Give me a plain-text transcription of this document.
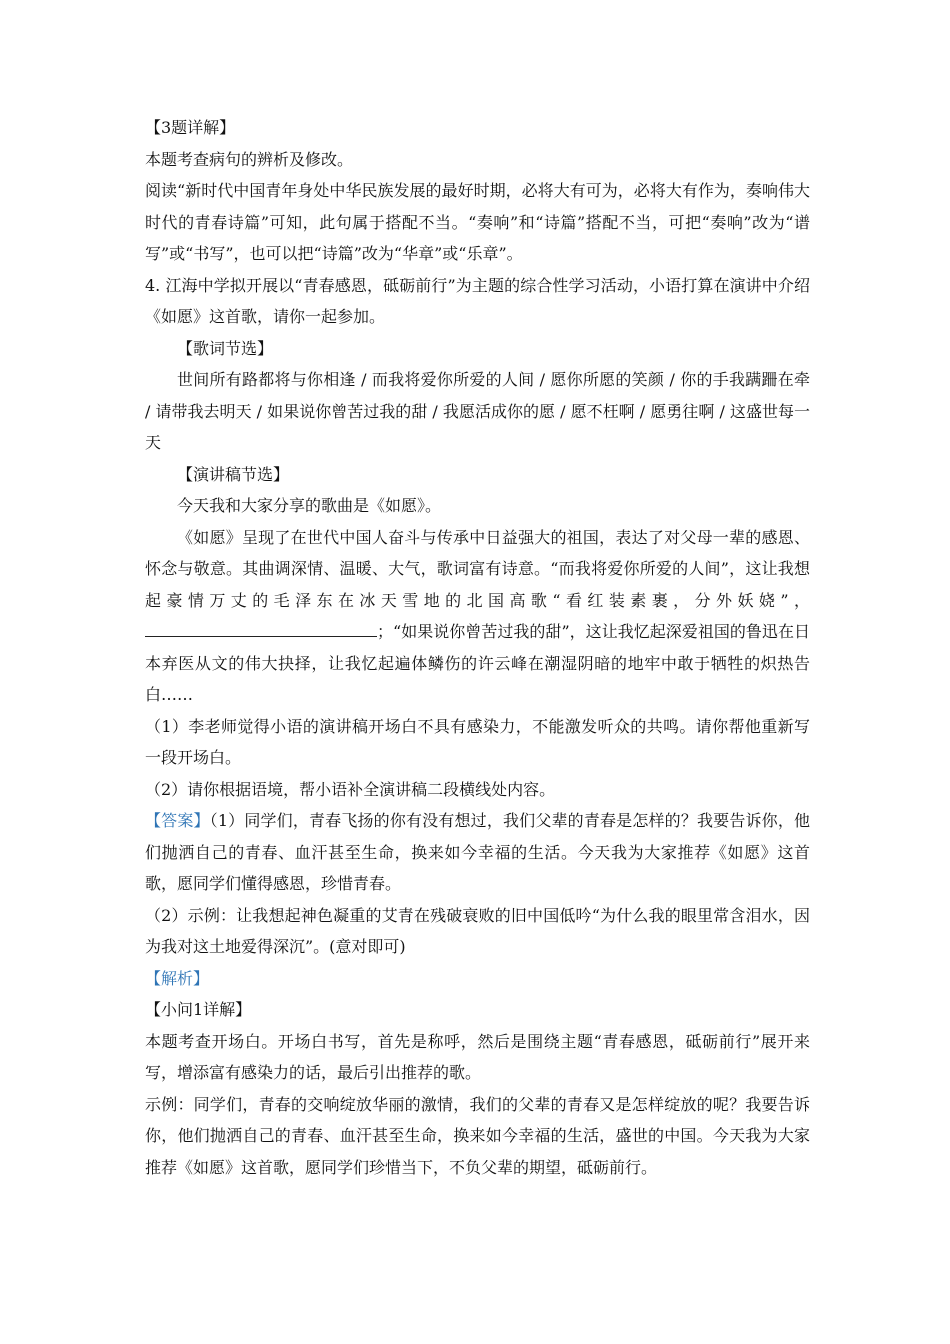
【3题详解】

本题考查病句的辨析及修改。

阅读“新时代中国青年身处中华民族发展的最好时期，必将大有可为，必将大有作为，奏响伟大时代的青春诗篇”可知，此句属于搭配不当。“奏响”和“诗篇”搭配不当，可把“奏响”改为“谱写”或“书写”，也可以把“诗篇”改为“华章”或“乐章”。

4. 江海中学拟开展以“青春感恩，砥砺前行”为主题的综合性学习活动，小语打算在演讲中介绍《如愿》这首歌，请你一起参加。

【歌词节选】

世间所有路都将与你相逢 / 而我将爱你所爱的人间 / 愿你所愿的笑颜 / 你的手我蹒跚在牵 / 请带我去明天 / 如果说你曾苦过我的甜 / 我愿活成你的愿 / 愿不枉啊 / 愿勇往啊 / 这盛世每一天

【演讲稿节选】

今天我和大家分享的歌曲是《如愿》。

《如愿》呈现了在世代中国人奋斗与传承中日益强大的祖国，表达了对父母一辈的感恩、怀念与敬意。其曲调深情、温暖、大气，歌词富有诗意。“而我将爱你所爱的人间”，这让我想起豪情万丈的毛泽东在冰天雪地的北国高歌“看红装素裹，分外妖娆”，；“如果说你曾苦过我的甜”，这让我忆起深爱祖国的鲁迅在日本弃医从文的伟大抉择，让我忆起遍体鳞伤的许云峰在潮湿阴暗的地牢中敢于牺牲的炽热告白……

（1）李老师觉得小语的演讲稿开场白不具有感染力，不能激发听众的共鸣。请你帮他重新写一段开场白。

（2）请你根据语境，帮小语补全演讲稿二段横线处内容。

【答案】（1）同学们，青春飞扬的你有没有想过，我们父辈的青春是怎样的？我要告诉你，他们抛洒自己的青春、血汗甚至生命，换来如今幸福的生活。今天我为大家推荐《如愿》这首歌，愿同学们懂得感恩，珍惜青春。

（2）示例：让我想起神色凝重的艾青在残破衰败的旧中国低吟“为什么我的眼里常含泪水，因为我对这土地爱得深沉”。(意对即可)

【解析】

【小问1详解】

本题考查开场白。开场白书写，首先是称呼，然后是围绕主题“青春感恩，砥砺前行”展开来写，增添富有感染力的话，最后引出推荐的歌。

示例：同学们，青春的交响绽放华丽的激情，我们的父辈的青春又是怎样绽放的呢？我要告诉你，他们抛洒自己的青春、血汗甚至生命，换来如今幸福的生活，盛世的中国。今天我为大家推荐《如愿》这首歌，愿同学们珍惜当下，不负父辈的期望，砥砺前行。
